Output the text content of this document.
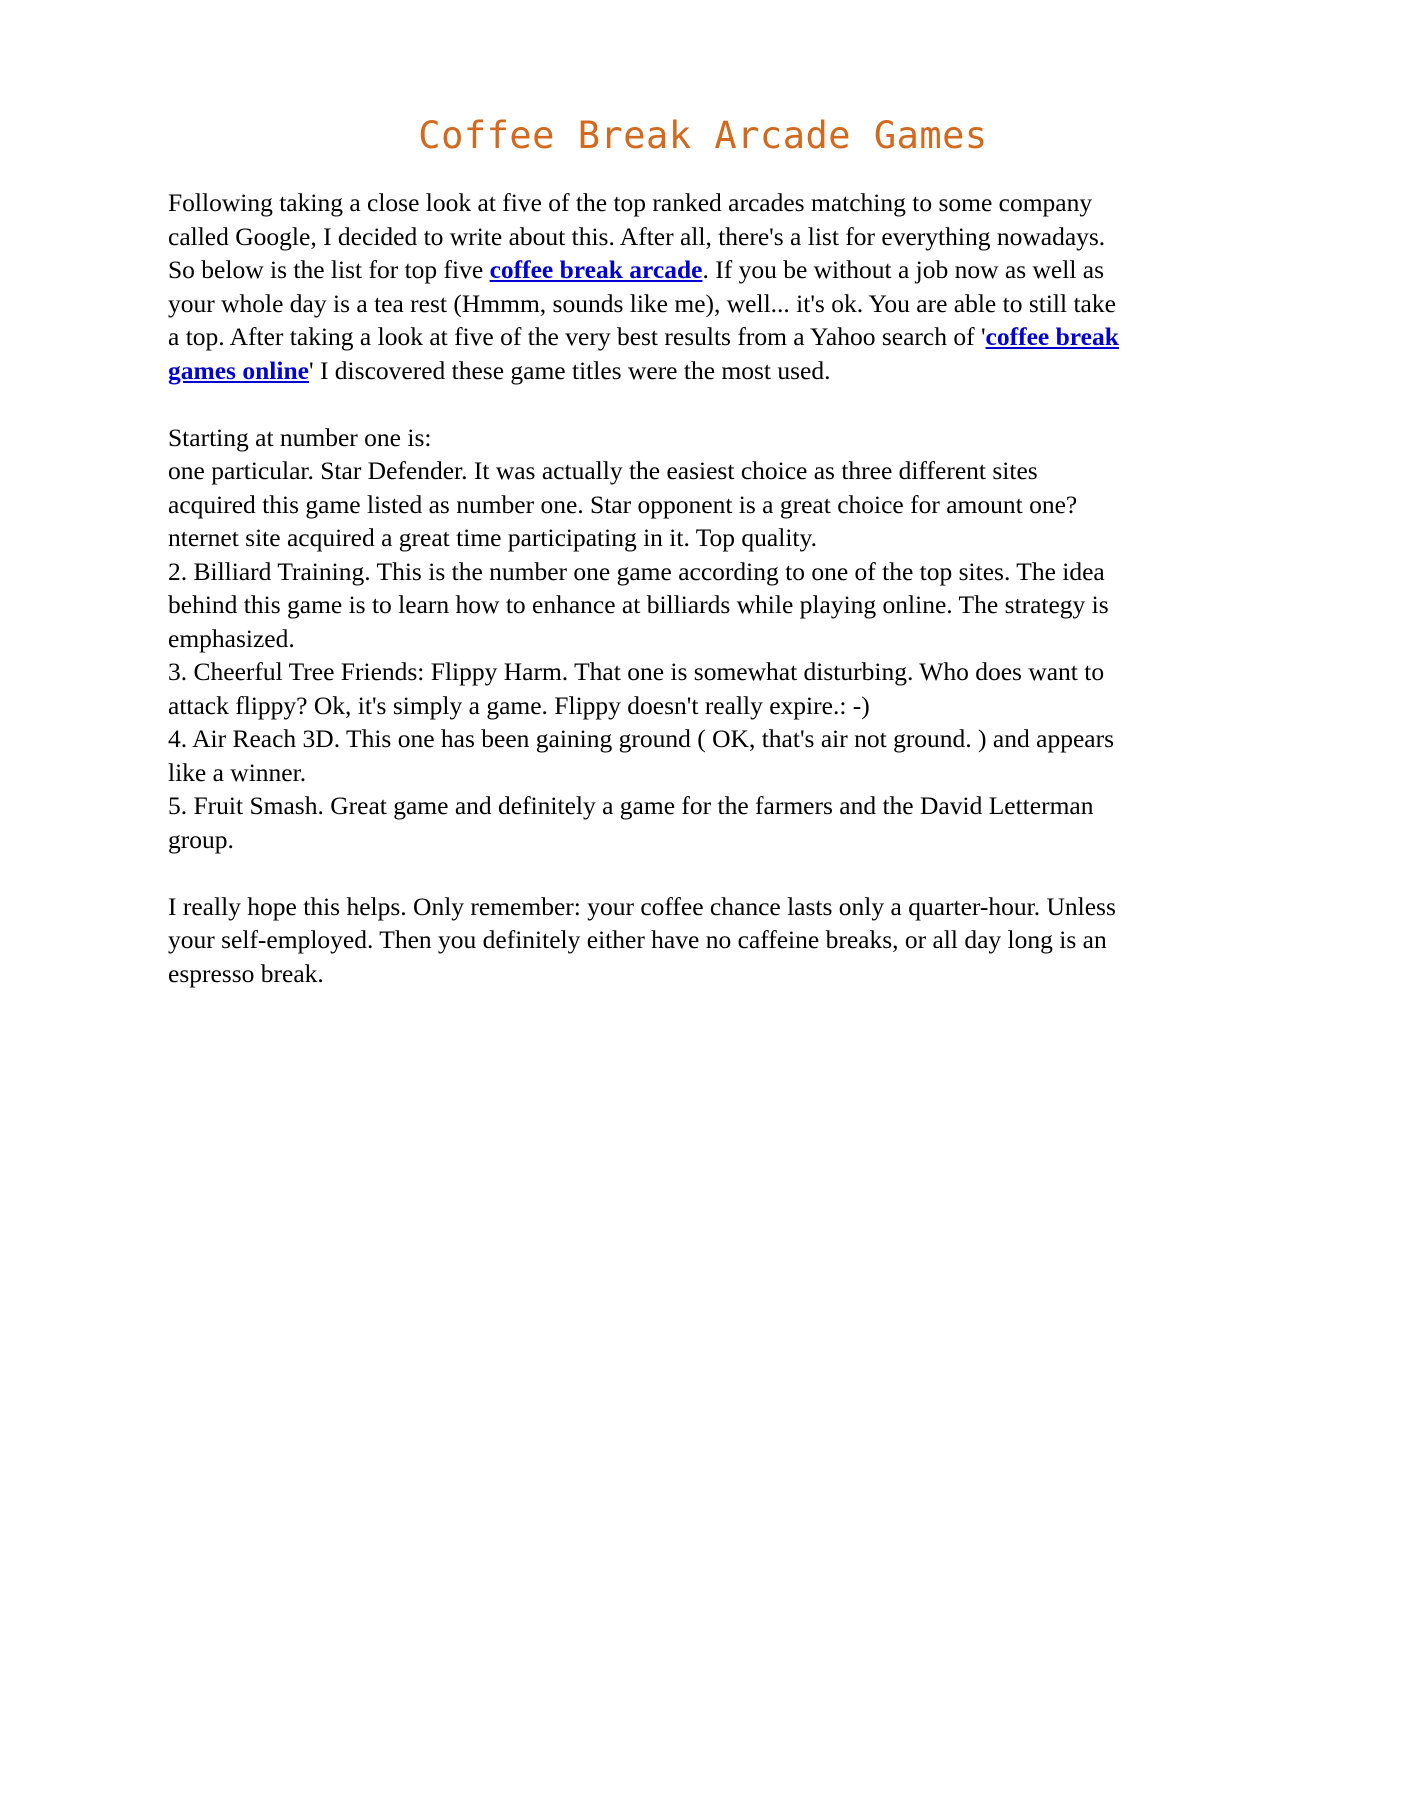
Coffee Break Arcade Games

Following taking a close look at five of the top ranked arcades matching to some company called Google, I decided to write about this. After all, there's a list for everything nowadays. So below is the list for top five coffee break arcade. If you be without a job now as well as your whole day is a tea rest (Hmmm, sounds like me), well... it's ok. You are able to still take a top. After taking a look at five of the very best results from a Yahoo search of 'coffee break games online' I discovered these game titles were the most used.

Starting at number one is:

one particular. Star Defender. It was actually the easiest choice as three different sites acquired this game listed as number one. Star opponent is a great choice for amount one? nternet site acquired a great time participating in it. Top quality.

2. Billiard Training. This is the number one game according to one of the top sites. The idea behind this game is to learn how to enhance at billiards while playing online. The strategy is emphasized.

3. Cheerful Tree Friends: Flippy Harm. That one is somewhat disturbing. Who does want to attack flippy? Ok, it's simply a game. Flippy doesn't really expire.: -)

4. Air Reach 3D. This one has been gaining ground ( OK, that's air not ground. ) and appears like a winner.

5. Fruit Smash. Great game and definitely a game for the farmers and the David Letterman group.

I really hope this helps. Only remember: your coffee chance lasts only a quarter-hour. Unless your self-employed. Then you definitely either have no caffeine breaks, or all day long is an espresso break.
